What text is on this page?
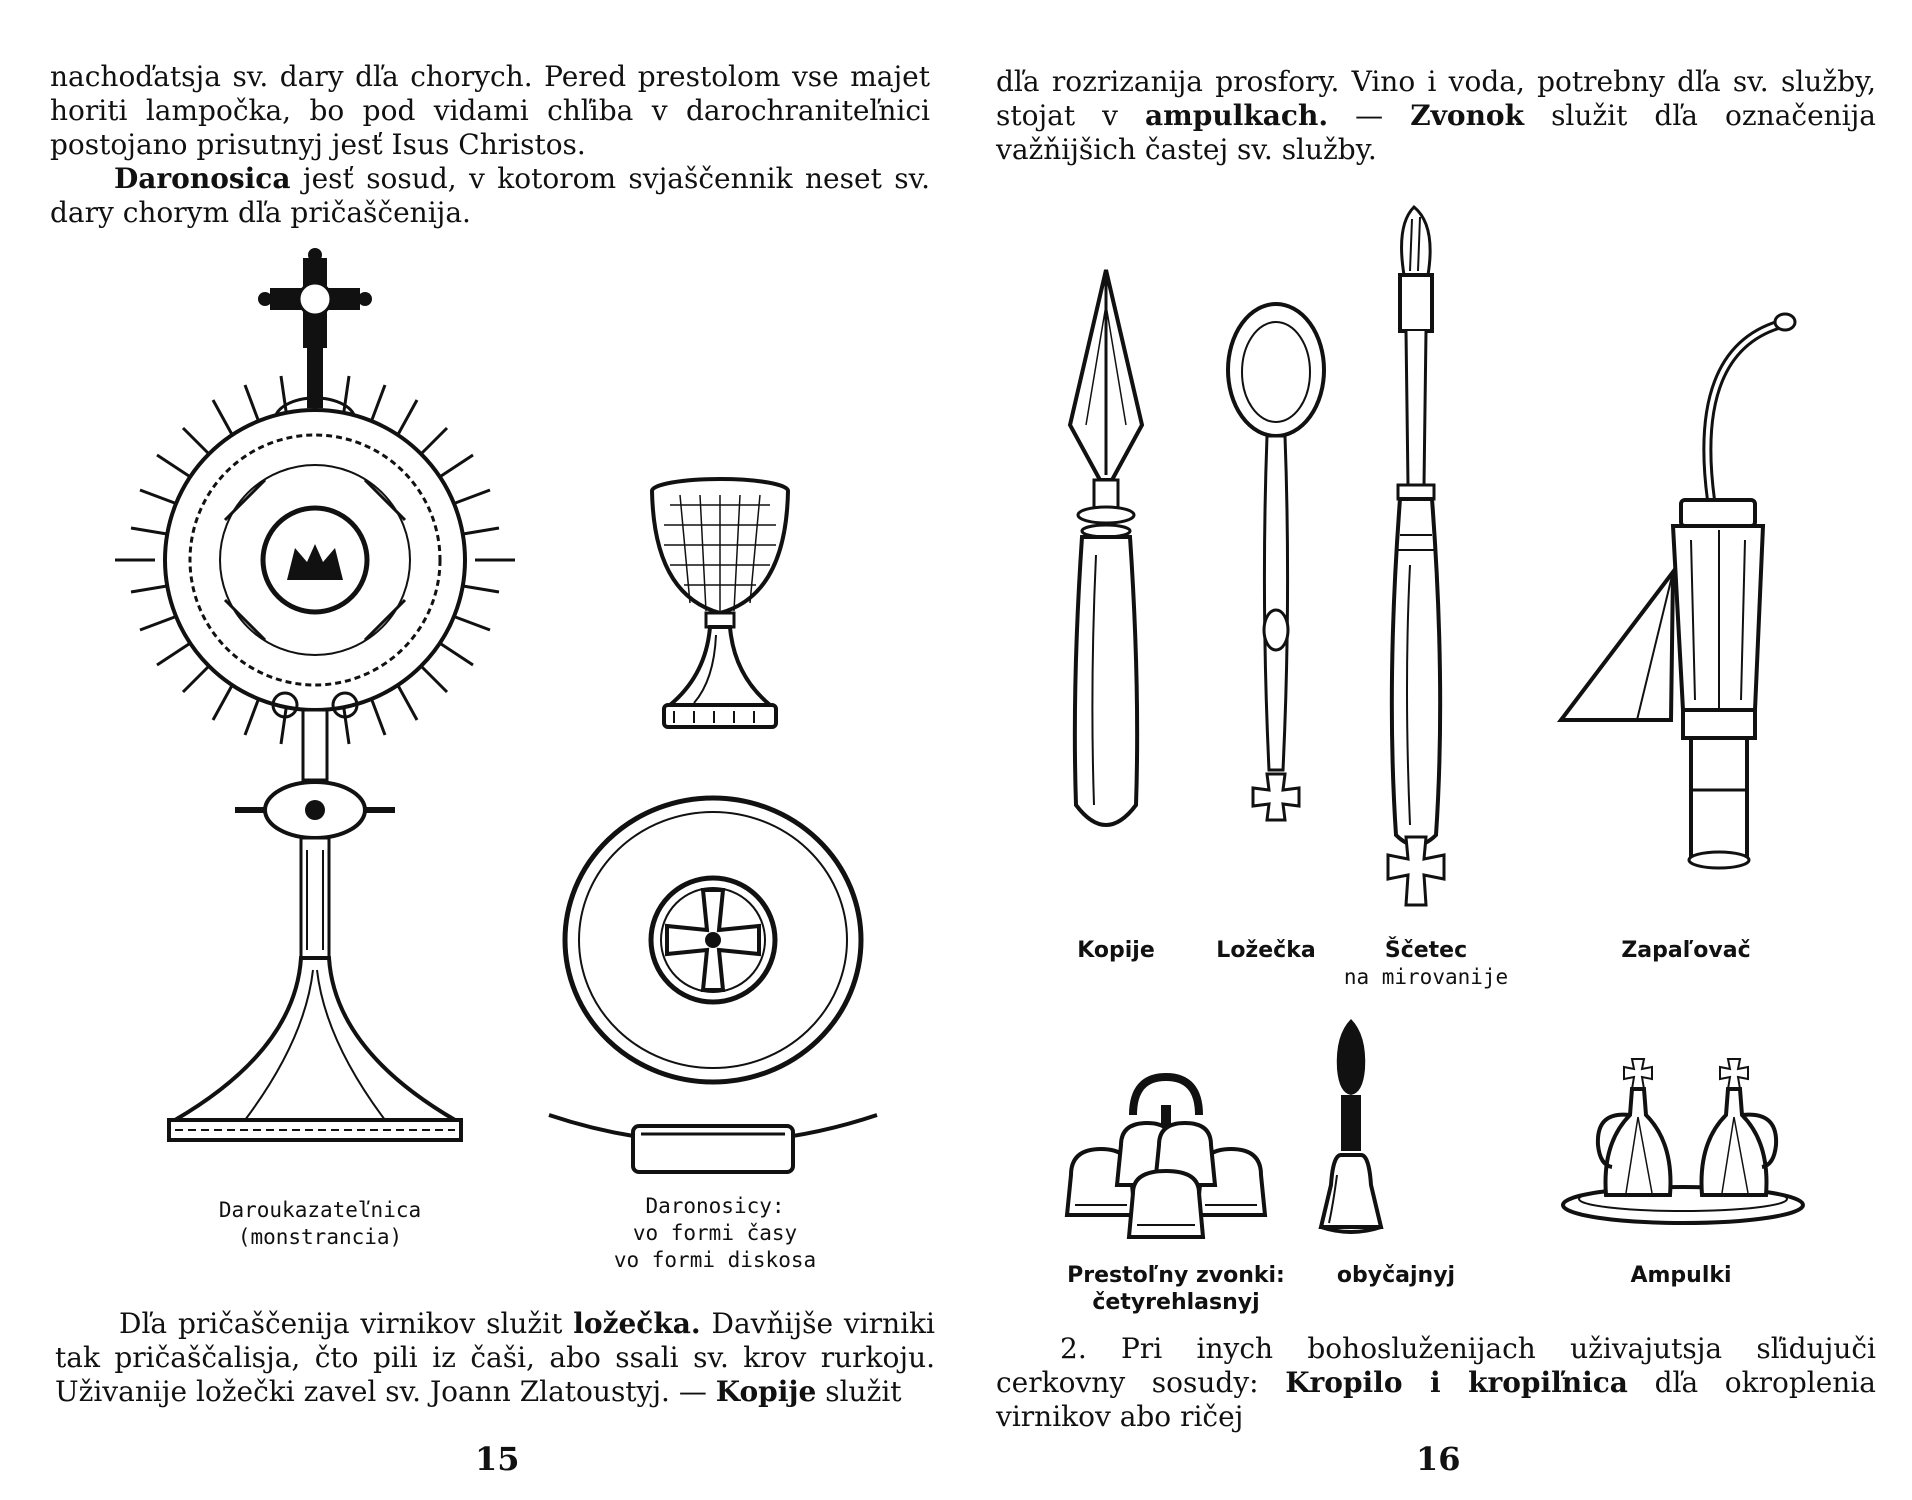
nachoďatsja sv. dary dľa chorych. Pered prestolom vse majet horiti lampočka, bo pod vidami chľiba v darochraniteľnici postojano prisutnyj jesť Isus Christos.

Daronosica jesť sosud, v kotorom svjaščennik neset sv. dary chorym dľa pričaščenija.

Daroukazateľnica
(monstrancia)
Daronosicy:
vo formi časy
vo formi diskosa

Dľa pričaščenija virnikov služit ložečka. Davňijše virniki tak pričaščalisja, čto pili iz čaši, abo ssali sv. krov rurkoju. Uživanije ložečki zavel sv. Joann Zlatoustyj. — Kopije služit

15

dľa rozrizanija prosfory. Vino i voda, potrebny dľa sv. služby, stojat v ampulkach. — Zvonok služit dľa označenija važňijšich častej sv. služby.

Kopije	Ložečka	Ščetec
na mirovanije
Zapaľovač
Prestoľny zvonki:
četyrehlasnyj
obyčajnyj	Ampulki

2. Pri inych bohosluženijach uživajutsja sľidujuči cerkovny sosudy: Kropilo i kropiľnica dľa okroplenia virnikov abo ričej

16
